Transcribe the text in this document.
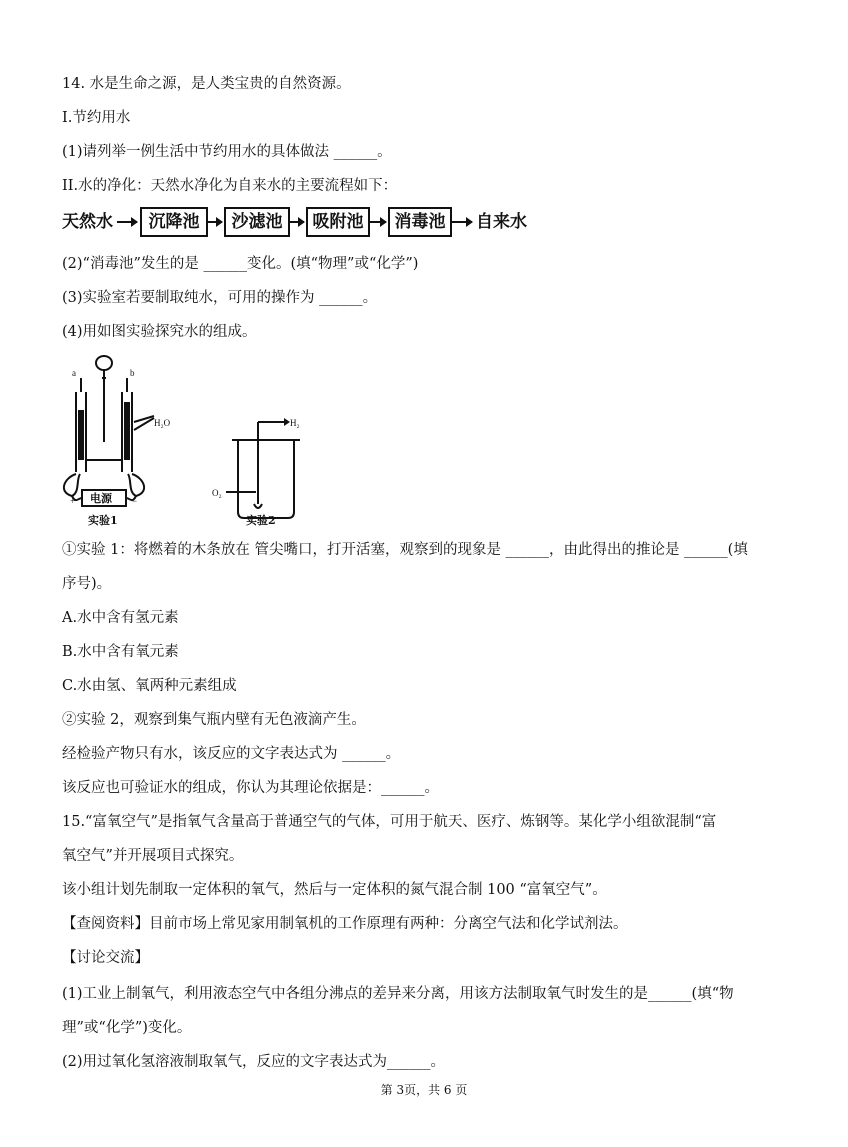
14. 水是生命之源，是人类宝贵的自然资源。
I.节约用水
(1)请列举一例生活中节约用水的具体做法 ______。
II.水的净化：天然水净化为自来水的主要流程如下：
天然水	沉降池	沙滤池	吸附池	消毒池	自来水
(2)“消毒池”发生的是 ______变化。(填“物理”或“化学”)
(3)实验室若要制取纯水，可用的操作为 ______。
(4)用如图实验探究水的组成。
a	b
H₂O
+	−
H₂
O₂
电源
实验1	实验2
①实验 1：将燃着的木条放在 管尖嘴口，打开活塞，观察到的现象是 ______，由此得出的推论是 ______(填
序号)。
A.水中含有氢元素
B.水中含有氧元素
C.水由氢、氧两种元素组成
②实验 2，观察到集气瓶内壁有无色液滴产生。
经检验产物只有水，该反应的文字表达式为 ______。
该反应也可验证水的组成，你认为其理论依据是：______。
15.“富氧空气”是指氧气含量高于普通空气的气体，可用于航天、医疗、炼钢等。某化学小组欲混制“富
氧空气”并开展项目式探究。
该小组计划先制取一定体积的氧气，然后与一定体积的氮气混合制 100 “富氧空气”。
【查阅资料】目前市场上常见家用制氧机的工作原理有两种：分离空气法和化学试剂法。
【讨论交流】
(1)工业上制氧气，利用液态空气中各组分沸点的差异来分离，用该方法制取氧气时发生的是______(填“物
理”或“化学”)变化。
(2)用过氧化氢溶液制取氧气，反应的文字表达式为______。
第 3页，共 6 页
